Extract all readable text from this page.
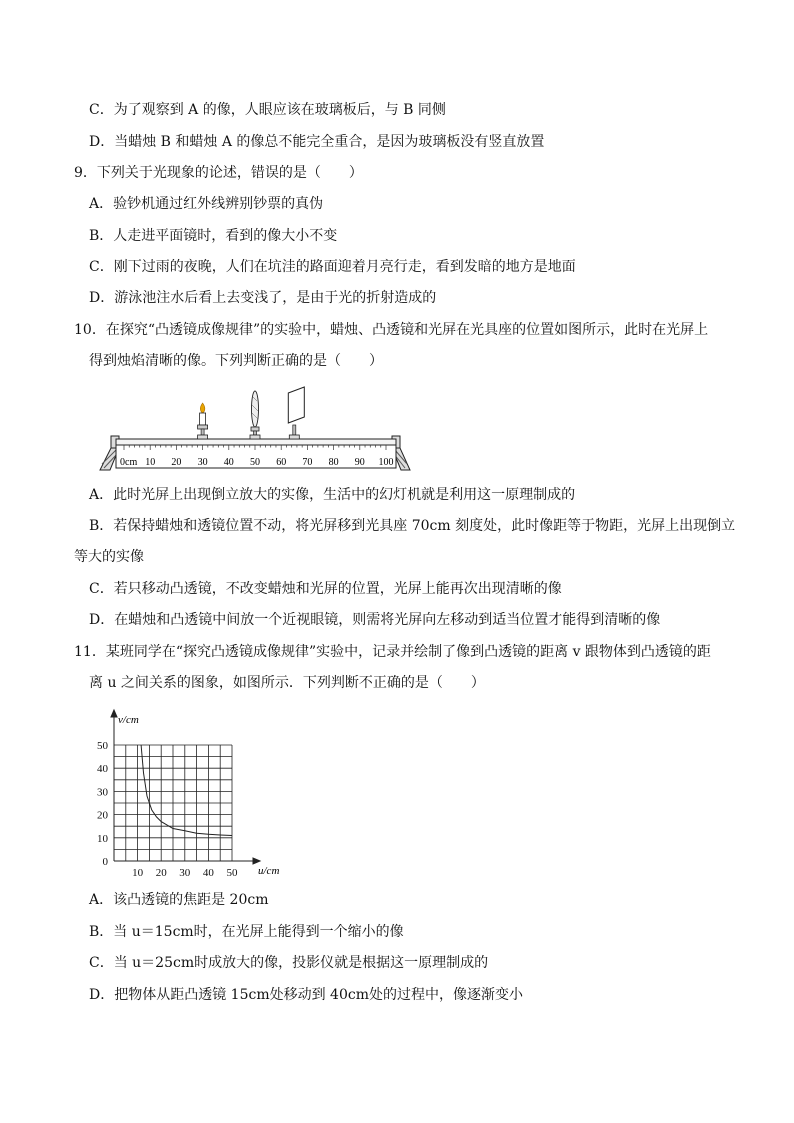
C．为了观察到 A 的像，人眼应该在玻璃板后，与 B 同侧
D．当蜡烛 B 和蜡烛 A 的像总不能完全重合，是因为玻璃板没有竖直放置
9．下列关于光现象的论述，错误的是（　　）
A．验钞机通过红外线辨别钞票的真伪
B．人走进平面镜时，看到的像大小不变
C．刚下过雨的夜晚，人们在坑洼的路面迎着月亮行走，看到发暗的地方是地面
D．游泳池注水后看上去变浅了，是由于光的折射造成的
10．在探究“凸透镜成像规律”的实验中，蜡烛、凸透镜和光屏在光具座的位置如图所示，此时在光屏上
得到烛焰清晰的像。下列判断正确的是（　　）
0cm 10 20 30 40 50 60 70 80 90 100
A．此时光屏上出现倒立放大的实像，生活中的幻灯机就是利用这一原理制成的
B．若保持蜡烛和透镜位置不动，将光屏移到光具座 70cm 刻度处，此时像距等于物距，光屏上出现倒立
等大的实像
C．若只移动凸透镜，不改变蜡烛和光屏的位置，光屏上能再次出现清晰的像
D．在蜡烛和凸透镜中间放一个近视眼镜，则需将光屏向左移动到适当位置才能得到清晰的像
11．某班同学在“探究凸透镜成像规律”实验中，记录并绘制了像到凸透镜的距离 v 跟物体到凸透镜的距
离 u 之间关系的图象，如图所示．下列判断不正确的是（　　）
10 20 30 40 50
0
10
20
30
40
50
v/cm
u/cm
A．该凸透镜的焦距是 20cm
B．当 u＝15cm时，在光屏上能得到一个缩小的像
C．当 u＝25cm时成放大的像，投影仪就是根据这一原理制成的
D．把物体从距凸透镜 15cm处移动到 40cm处的过程中，像逐渐变小
